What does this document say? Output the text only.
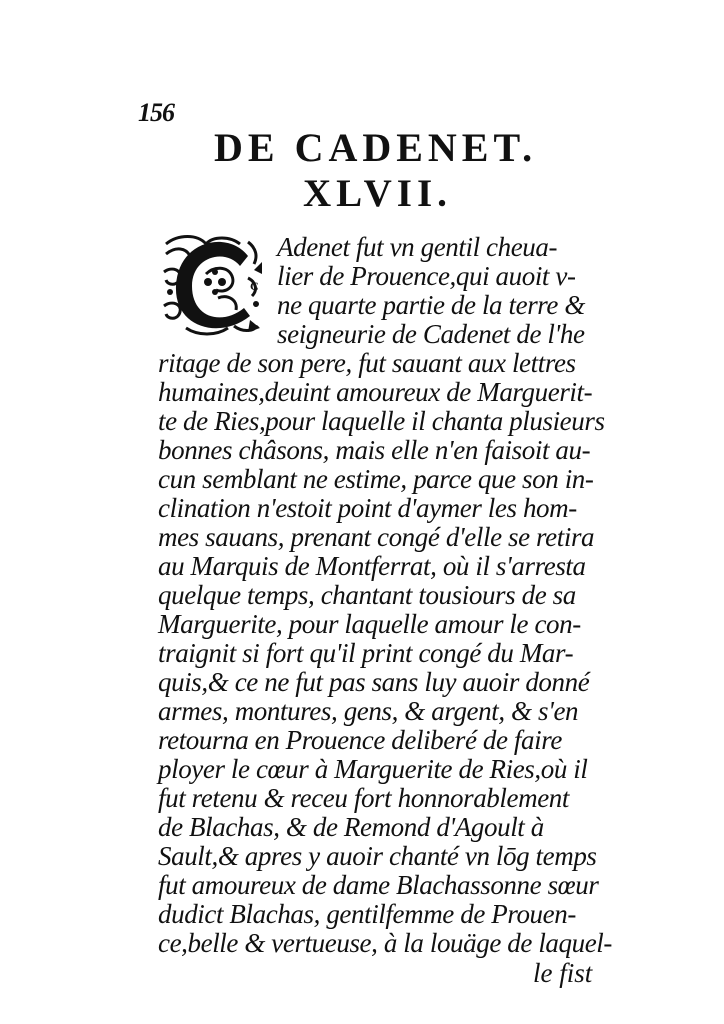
156
DE CADENET.
XLVII.
C
Adenet fut vn gentil cheua-
lier de Prouence,qui auoit v-
ne quarte partie de la terre &
seigneurie de Cadenet de l'he
ritage de son pere, fut sauant aux lettres
humaines,deuint amoureux de Marguerit-
te de Ries,pour laquelle il chanta plusieurs
bonnes châsons, mais elle n'en faisoit au-
cun semblant ne estime, parce que son in-
clination n'estoit point d'aymer les hom-
mes sauans, prenant congé d'elle se retira
au Marquis de Montferrat, où il s'arresta
quelque temps, chantant tousiours de sa
Marguerite, pour laquelle amour le con-
traignit si fort qu'il print congé du Mar-
quis,& ce ne fut pas sans luy auoir donné
armes, montures, gens, & argent, & s'en
retourna en Prouence deliberé de faire
ployer le cœur à Marguerite de Ries,où il
fut retenu & receu fort honnorablement
de Blachas, & de Remond d'Agoult à
Sault,& apres y auoir chanté vn lōg temps
fut amoureux de dame Blachassonne sœur
dudict Blachas, gentilfemme de Prouen-
ce,belle & vertueuse, à la louäge de laquel-
le fist
